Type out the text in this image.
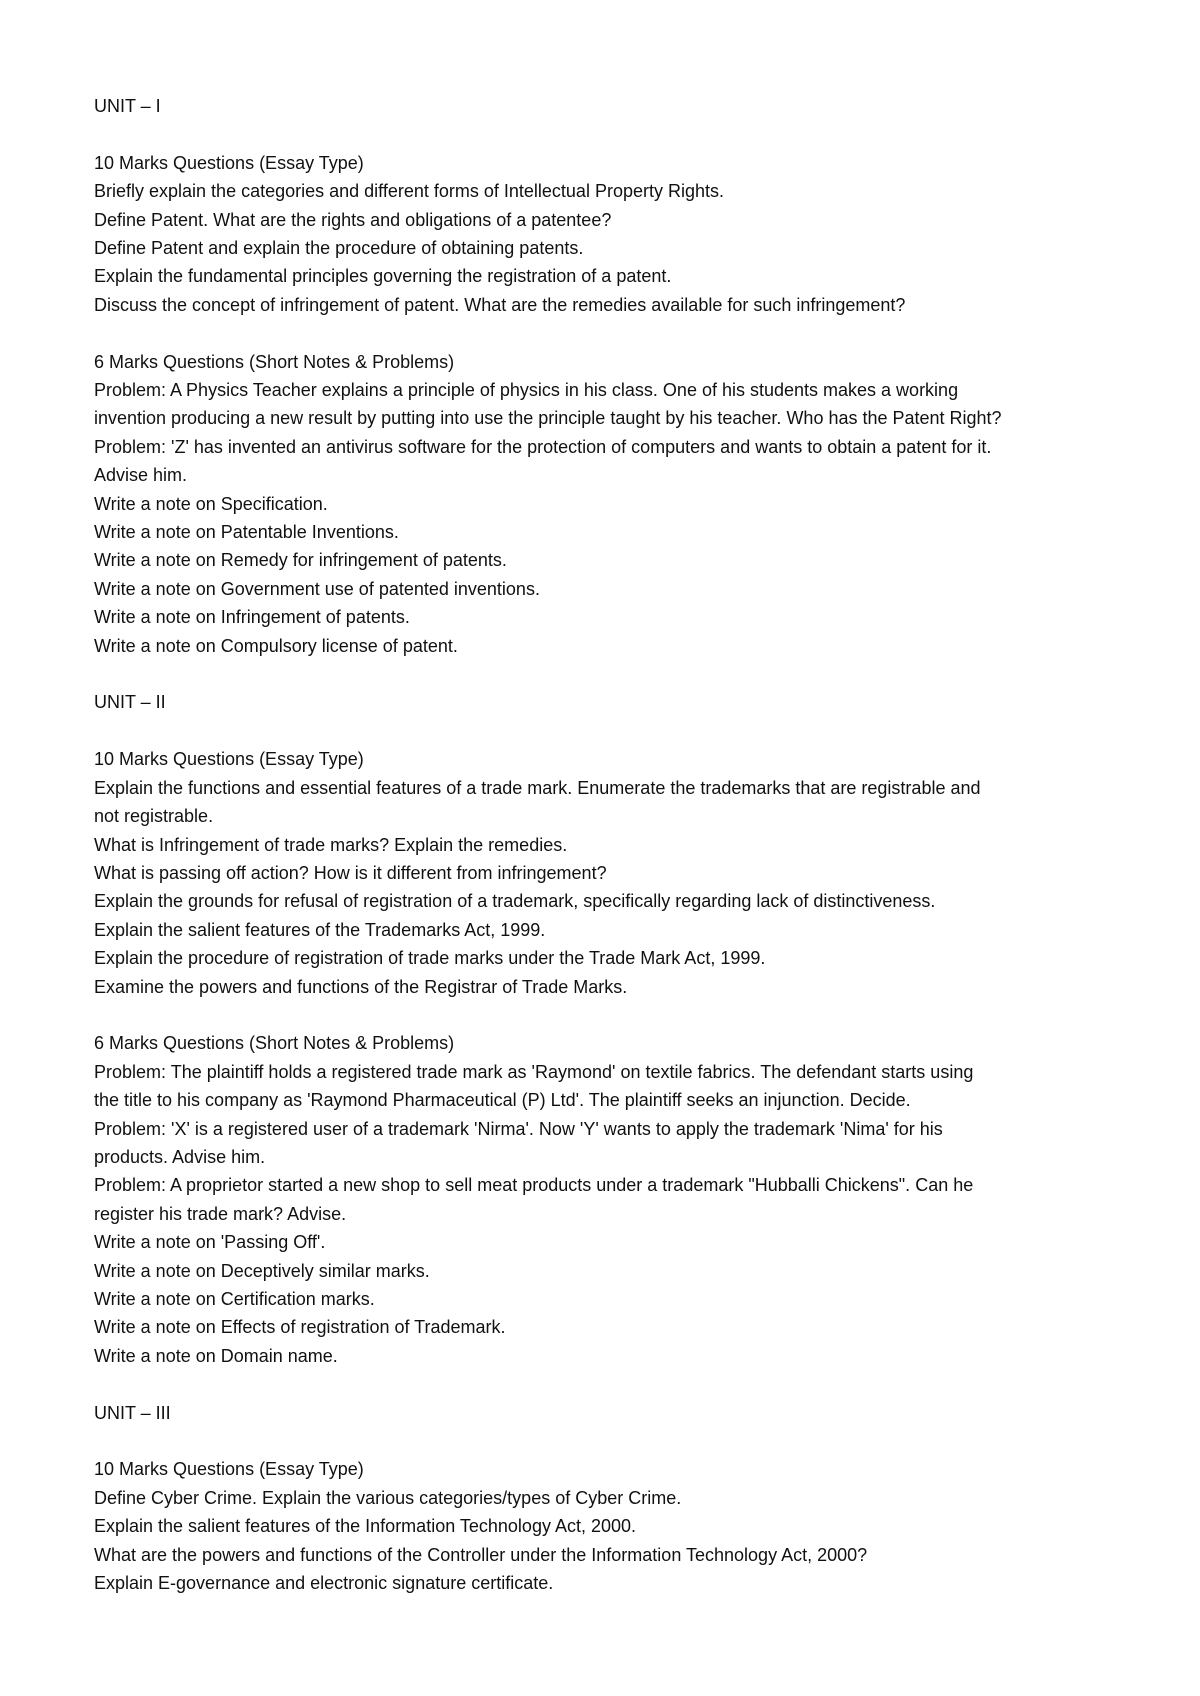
UNIT – I

10 Marks Questions (Essay Type)

Briefly explain the categories and different forms of Intellectual Property Rights.

Define Patent. What are the rights and obligations of a patentee?

Define Patent and explain the procedure of obtaining patents.

Explain the fundamental principles governing the registration of a patent.

Discuss the concept of infringement of patent. What are the remedies available for such infringement?

6 Marks Questions (Short Notes & Problems)

Problem: A Physics Teacher explains a principle of physics in his class. One of his students makes a working

invention producing a new result by putting into use the principle taught by his teacher. Who has the Patent Right?

Problem: 'Z' has invented an antivirus software for the protection of computers and wants to obtain a patent for it.

Advise him.

Write a note on Specification.

Write a note on Patentable Inventions.

Write a note on Remedy for infringement of patents.

Write a note on Government use of patented inventions.

Write a note on Infringement of patents.

Write a note on Compulsory license of patent.

UNIT – II

10 Marks Questions (Essay Type)

Explain the functions and essential features of a trade mark. Enumerate the trademarks that are registrable and

not registrable.

What is Infringement of trade marks? Explain the remedies.

What is passing off action? How is it different from infringement?

Explain the grounds for refusal of registration of a trademark, specifically regarding lack of distinctiveness.

Explain the salient features of the Trademarks Act, 1999.

Explain the procedure of registration of trade marks under the Trade Mark Act, 1999.

Examine the powers and functions of the Registrar of Trade Marks.

6 Marks Questions (Short Notes & Problems)

Problem: The plaintiff holds a registered trade mark as 'Raymond' on textile fabrics. The defendant starts using

the title to his company as 'Raymond Pharmaceutical (P) Ltd'. The plaintiff seeks an injunction. Decide.

Problem: 'X' is a registered user of a trademark 'Nirma'. Now 'Y' wants to apply the trademark 'Nima' for his

products. Advise him.

Problem: A proprietor started a new shop to sell meat products under a trademark "Hubballi Chickens". Can he

register his trade mark? Advise.

Write a note on 'Passing Off'.

Write a note on Deceptively similar marks.

Write a note on Certification marks.

Write a note on Effects of registration of Trademark.

Write a note on Domain name.

UNIT – III

10 Marks Questions (Essay Type)

Define Cyber Crime. Explain the various categories/types of Cyber Crime.

Explain the salient features of the Information Technology Act, 2000.

What are the powers and functions of the Controller under the Information Technology Act, 2000?

Explain E-governance and electronic signature certificate.
